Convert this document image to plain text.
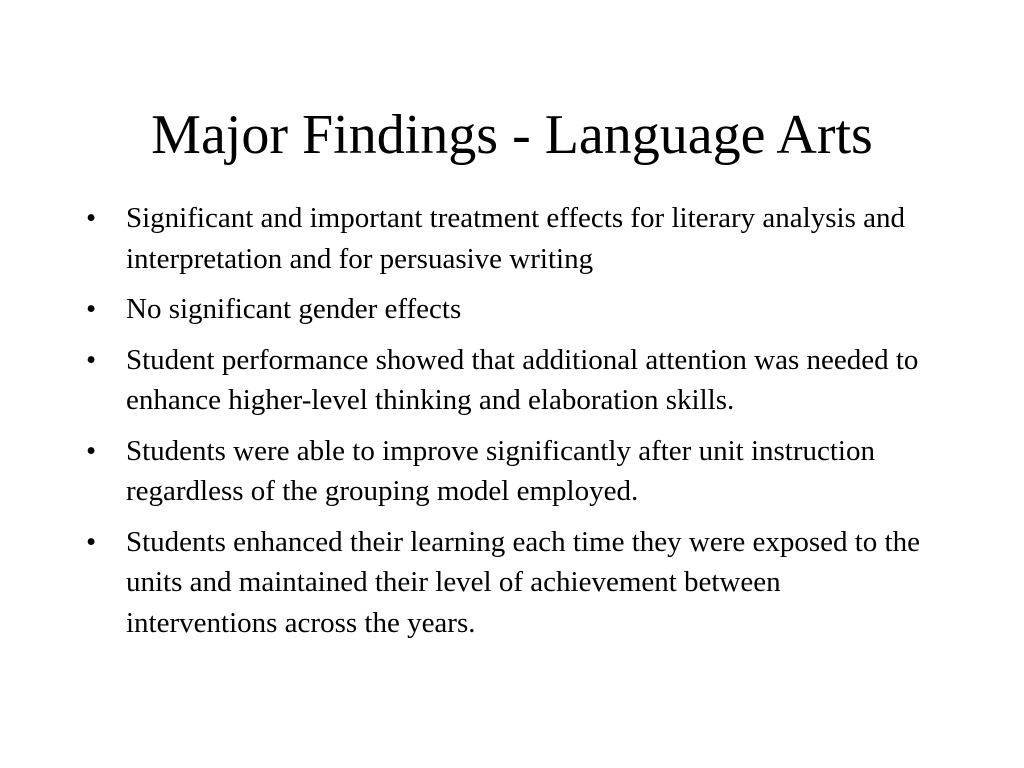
Major Findings - Language Arts
•	Significant and important treatment effects for literary analysis and interpretation and for persuasive writing
•	No significant gender effects
•	Student performance showed that additional attention was needed to enhance higher-level thinking and elaboration skills.
•	Students were able to improve significantly after unit instruction regardless of the grouping model employed.
•	Students enhanced their learning each time they were exposed to the units and maintained their level of achievement between interventions across the years.
